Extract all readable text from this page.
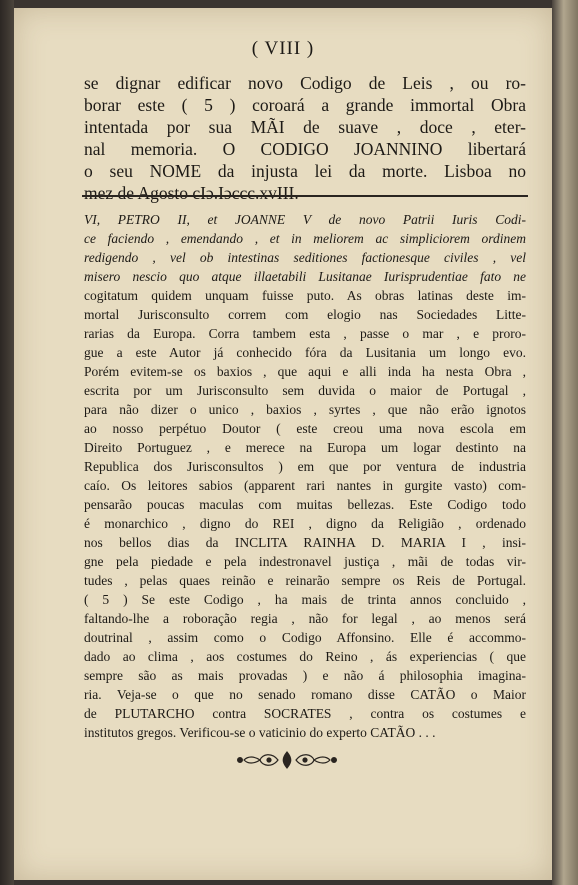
( VIII )
se dignar edificar novo Codigo de Leis , ou ro-
borar este ( 5 ) coroará a grande immortal Obra
intentada por sua MÃI de suave , doce , eter-
nal memoria. O CODIGO JOANNINO libertará
o seu NOME da injusta lei da morte. Lisboa no
mez de Agosto cIɔ.Iɔccc.xvIII.
VI, PETRO II, et JOANNE V de novo Patrii Iuris Codi-
ce faciendo , emendando , et in meliorem ac simpliciorem ordinem
redigendo , vel ob intestinas seditiones factionesque civiles , vel
misero nescio quo atque illaetabili Lusitanae Iurisprudentiae fato ne
cogitatum quidem unquam fuisse puto. As obras latinas deste im-
mortal Jurisconsulto correm com elogio nas Sociedades Litte-
rarias da Europa. Corra tambem esta , passe o mar , e proro-
gue a este Autor já conhecido fóra da Lusitania um longo evo.
Porém evitem-se os baxios , que aqui e alli inda ha nesta Obra ,
escrita por um Jurisconsulto sem duvida o maior de Portugal ,
para não dizer o unico , baxios , syrtes , que não erão ignotos
ao nosso perpétuo Doutor ( este creou uma nova escola em
Direito Portuguez , e merece na Europa um logar destinto na
Republica dos Jurisconsultos ) em que por ventura de industria
caío. Os leitores sabios (apparent rari nantes in gurgite vasto) com-
pensarão poucas maculas com muitas bellezas. Este Codigo todo
é monarchico , digno do REI , digno da Religião , ordenado
nos bellos dias da INCLITA RAINHA D. MARIA I , insi-
gne pela piedade e pela indestronavel justiça , mãi de todas vir-
tudes , pelas quaes reinão e reinarão sempre os Reis de Portugal.
( 5 ) Se este Codigo , ha mais de trinta annos concluido ,
faltando-lhe a roboração regia , não for legal , ao menos será
doutrinal , assim como o Codigo Affonsino. Elle é accommo-
dado ao clima , aos costumes do Reino , ás experiencias ( que
sempre são as mais provadas ) e não á philosophia imagina-
ria. Veja-se o que no senado romano disse CATÃO o Maior
de PLUTARCHO contra SOCRATES , contra os costumes e
institutos gregos. Verificou-se o vaticinio do experto CATÃO . . .
